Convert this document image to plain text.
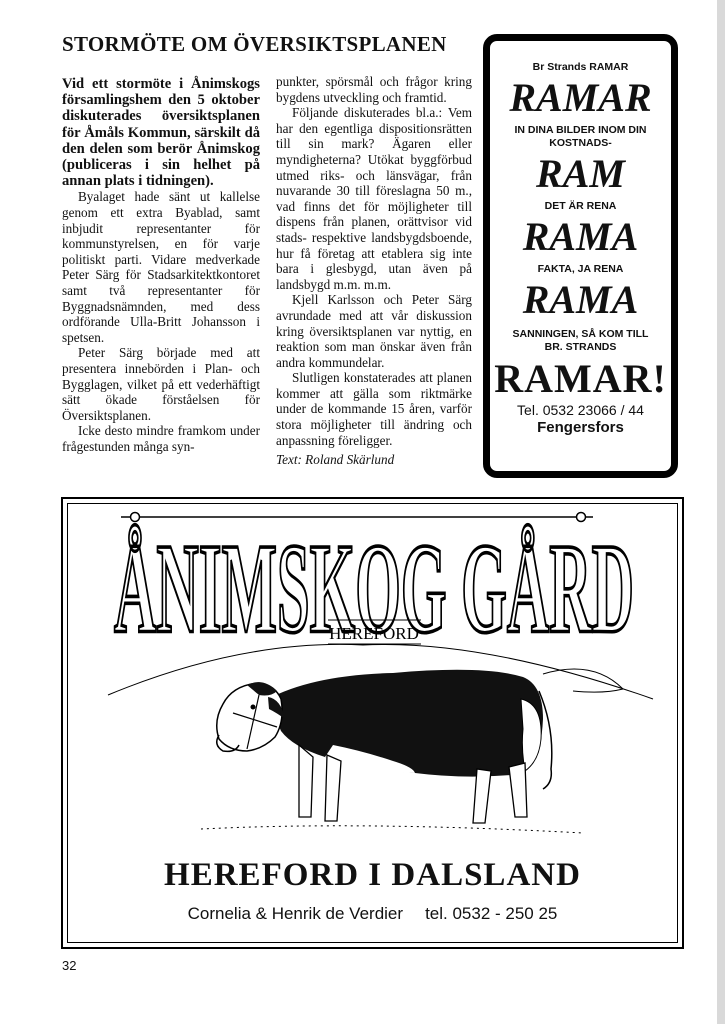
STORMÖTE OM ÖVERSIKTSPLANEN

Vid ett stormöte i Ånimskogs församlingshem den 5 oktober diskuterades översiktsplanen för Åmåls Kommun, särskilt då den delen som berör Ånimskog (publiceras i sin helhet på annan plats i tidningen).

Byalaget hade sänt ut kallelse genom ett extra Byablad, samt inbjudit representanter för kommunstyrelsen, en för varje politiskt parti. Vidare medverkade Peter Särg för Stadsarkitektkontoret samt två representanter för Byggnadsnämnden, med dess ordförande Ulla-Britt Johansson i spetsen.

Peter Särg började med att presentera innebörden i Plan- och Bygglagen, vilket på ett vederhäftigt sätt ökade förståelsen för Översiktsplanen.

Icke desto mindre framkom under frågestunden många syn-

punkter, spörsmål och frågor kring bygdens utveckling och framtid.

Följande diskuterades bl.a.: Vem har den egentliga dispositionsrätten till sin mark? Ägaren eller myndigheterna? Utökat byggförbud utmed riks- och länsvägar, från nuvarande 30 till föreslagna 50 m., vad finns det för möjligheter till dispens från planen, orättvisor vid stads- respektive landsbygdsboende, hur få företag att etablera sig inte bara i glesbygd, utan även på landsbygd m.m. m.m.

Kjell Karlsson och Peter Särg avrundade med att vår diskussion kring översiktsplanen var nyttig, en reaktion som man önskar även från andra kommundelar.

Slutligen konstaterades att planen kommer att gälla som riktmärke under de kommande 15 åren, varför stora möjligheter till ändring och anpassning föreligger.

Text: Roland Skärlund

Br Strands RAMAR
RAMAR
IN DINA BILDER INOM DIN KOSTNADS-
RAM
DET ÄR RENA
RAMA
FAKTA, JA RENA
RAMA
SANNINGEN, SÅ KOM TILL BR. STRANDS
RAMAR!
Tel. 0532 23066 / 44
Fengersfors
ÅNIMSKOG GÅRD
HEREFORD
HEREFORD I DALSLAND
Cornelia & Henrik de Verdier tel. 0532 - 250 25
32
